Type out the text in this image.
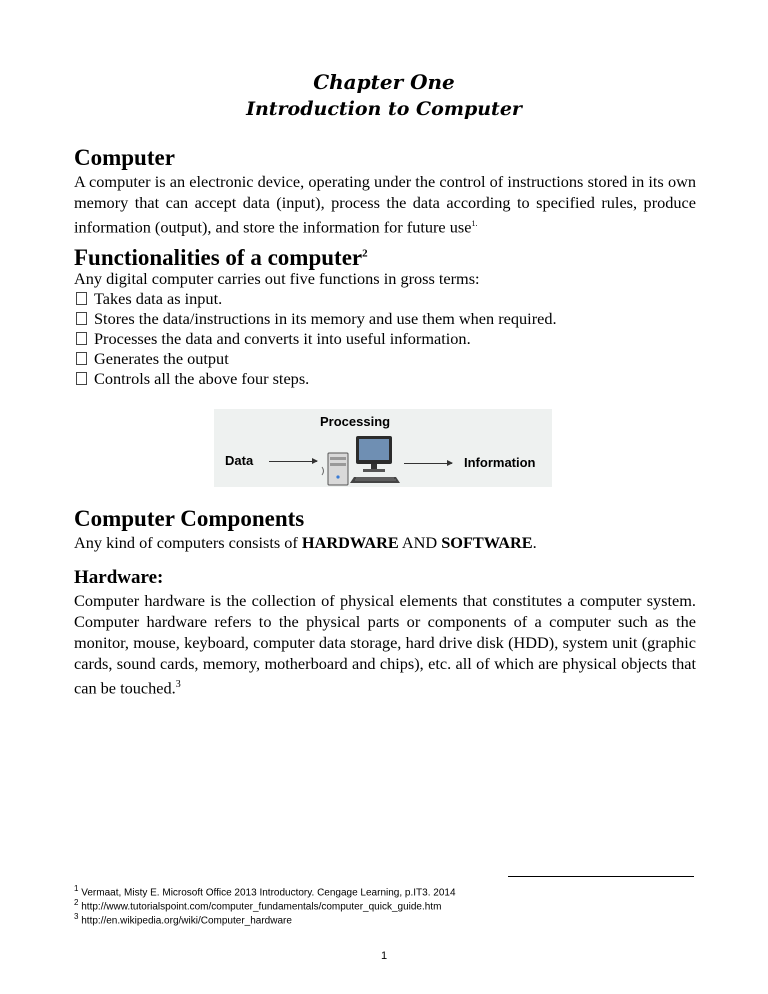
Chapter One
Introduction to Computer
Computer
A computer is an electronic device, operating under the control of instructions stored in its own memory that can accept data (input), process the data according to specified rules, produce information (output), and store the information for future use$^{1.}$
Functionalities of a computer$^2$
Any digital computer carries out five functions in gross terms:
Takes data as input.
Stores the data/instructions in its memory and use them when required.
Processes the data and converts it into useful information.
Generates the output
Controls all the above four steps.
Processing
Data	Information
Computer Components
Any kind of computers consists of HARDWARE AND SOFTWARE.
Hardware:
Computer hardware is the collection of physical elements that constitutes a computer system. Computer hardware refers to the physical parts or components of a computer such as the monitor, mouse, keyboard, computer data storage, hard drive disk (HDD), system unit (graphic cards, sound cards, memory, motherboard and chips), etc. all of which are physical objects that can be touched.$^3$
$^1$ Vermaat, Misty E. Microsoft Office 2013 Introductory. Cengage Learning, p.IT3. 2014
$^2$ http://www.tutorialspoint.com/computer_fundamentals/computer_quick_guide.htm
$^3$ http://en.wikipedia.org/wiki/Computer_hardware
1
